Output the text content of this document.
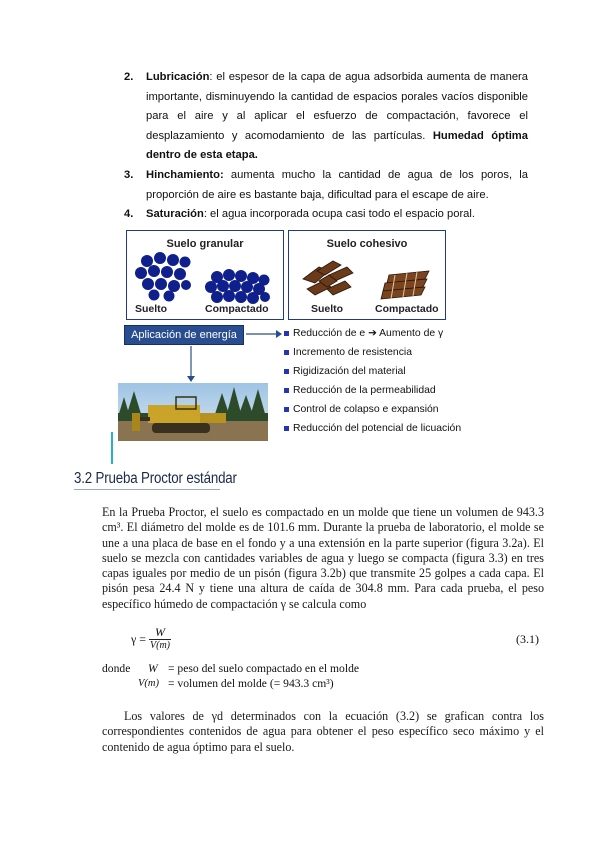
2. Lubricación: el espesor de la capa de agua adsorbida aumenta de manera importante, disminuyendo la cantidad de espacios porales vacíos disponible para el aire y al aplicar el esfuerzo de compactación, favorece el desplazamiento y acomodamiento de las partículas. Humedad óptima dentro de esta etapa.
3. Hinchamiento: aumenta mucho la cantidad de agua de los poros, la proporción de aire es bastante baja, dificultad para el escape de aire.
4. Saturación: el agua incorporada ocupa casi todo el espacio poral.
Suelo granular
Suelto	Compactado
Suelo cohesivo
Suelto	Compactado
Aplicación de energía	Reducción de e ➔ Aumento de γ
Incremento de resistencia
Rigidización del material
Reducción de la permeabilidad
Control de colapso e expansión
Reducción del potencial de licuación
3.2 Prueba Proctor estándar
En la Prueba Proctor, el suelo es compactado en un molde que tiene un volumen de 943.3 cm³. El diámetro del molde es de 101.6 mm. Durante la prueba de laboratorio, el molde se une a una placa de base en el fondo y a una extensión en la parte superior (figura 3.2a). El suelo se mezcla con cantidades variables de agua y luego se compacta (figura 3.3) en tres capas iguales por medio de un pisón (figura 3.2b) que transmite 25 golpes a cada capa. El pisón pesa 24.4 N y tiene una altura de caída de 304.8 mm. Para cada prueba, el peso específico húmedo de compactación γ se calcula como
γ = W
V(m)	(3.1)
donde W = peso del suelo compactado en el molde
V(m) = volumen del molde (= 943.3 cm³)
Los valores de γd determinados con la ecuación (3.2) se grafican contra los correspondientes contenidos de agua para obtener el peso específico seco máximo y el contenido de agua óptimo para el suelo.
